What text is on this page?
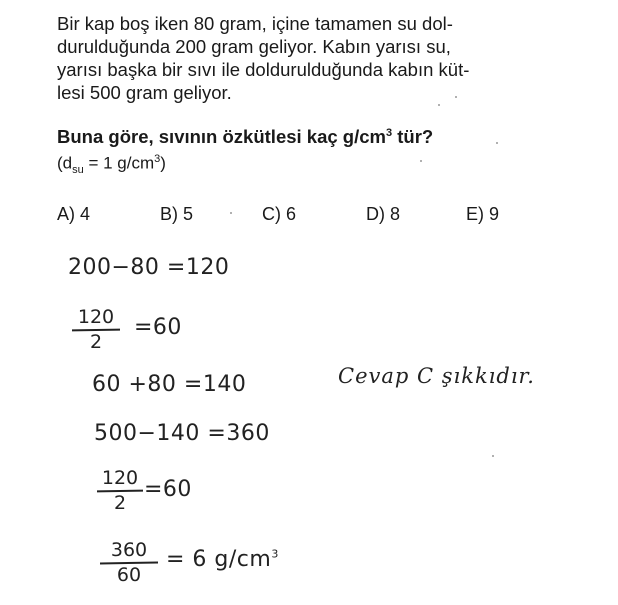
Bir kap boş iken 80 gram, içine tamamen su dol-
durulduğunda 200 gram geliyor. Kabın yarısı su,
yarısı başka bir sıvı ile doldurulduğunda kabın küt-
lesi 500 gram geliyor.
Buna göre, sıvının özkütlesi kaç $g/cm^3$ tür?
($d_{su} = 1$ $g/cm^3$)
A) 4	B) 5	C) 6	D) 8	E) 9
200−80 =120
120
2
=60
60 +80 =140	Cevap C şıkkıdır.
500−140 =360
120
2
=60
360
60
= 6 $g/cm^3$
